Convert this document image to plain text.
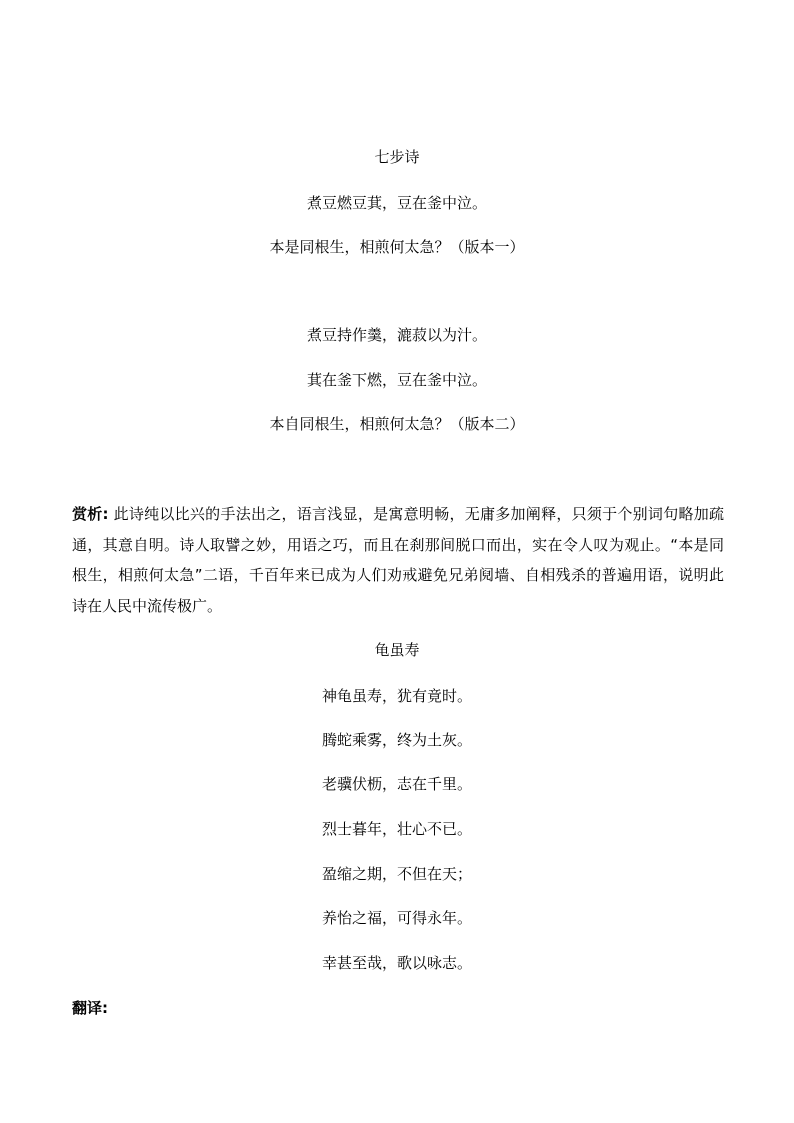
七步诗

煮豆燃豆萁，豆在釜中泣。

本是同根生，相煎何太急？（版本一）

煮豆持作羹，漉菽以为汁。

萁在釜下燃，豆在釜中泣。

本自同根生，相煎何太急？（版本二）

赏析: 此诗纯以比兴的手法出之，语言浅显，是寓意明畅，无庸多加阐释，只须于个别词句略加疏通，其意自明。诗人取譬之妙，用语之巧，而且在刹那间脱口而出，实在令人叹为观止。“本是同根生，相煎何太急”二语，千百年来已成为人们劝戒避免兄弟阋墙、自相残杀的普遍用语，说明此诗在人民中流传极广。

龟虽寿

神龟虽寿，犹有竟时。

腾蛇乘雾，终为土灰。

老骥伏枥，志在千里。

烈士暮年，壮心不已。

盈缩之期，不但在天；

养怡之福，可得永年。

幸甚至哉，歌以咏志。

翻译:
